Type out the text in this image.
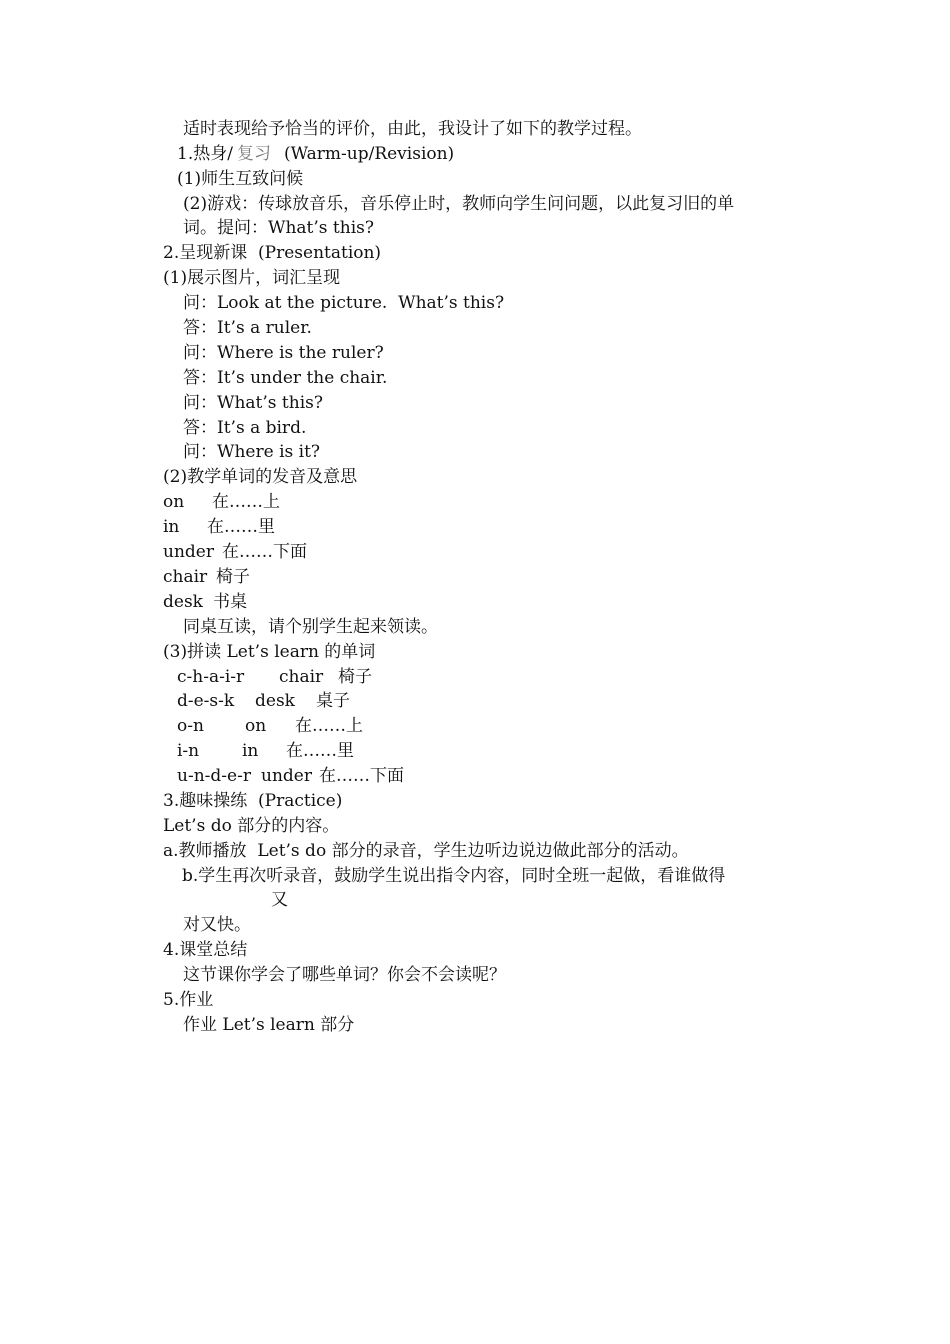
适时表现给予恰当的评价，由此，我设计了如下的教学过程。
1.热身/ 复习 (Warm-up/Revision)
(1)师生互致问候
(2)游戏：传球放音乐，音乐停止时，教师向学生问问题，以此复习旧的单
词。提问：What’s this?
2.呈现新课  (Presentation)
(1)展示图片，词汇呈现
问：Look at the picture.  What’s this?
答：It’s a ruler.
问：Where is the ruler?
答：It’s under the chair.
问：What’s this?
答：It’s a bird.
问：Where is it?
(2)教学单词的发音及意思
on 在……上
in 在……里
under 在……下面
chair 椅子
desk 书桌
同桌互读，请个别学生起来领读。
(3)拼读 Let’s learn 的单词
c-h-a-i-r chair 椅子
d-e-s-k desk 桌子
o-n on 在……上
i-n	in 在……里
u-n-d-e-r under 在……下面
3.趣味操练  (Practice)
Let’s do 部分的内容。
a.教师播放  Let’s do 部分的录音，学生边听边说边做此部分的活动。
b.学生再次听录音，鼓励学生说出指令内容，同时全班一起做，看谁做得
又
对又快。
4.课堂总结
这节课你学会了哪些单词？你会不会读呢？
5.作业
作业 Let’s learn 部分
